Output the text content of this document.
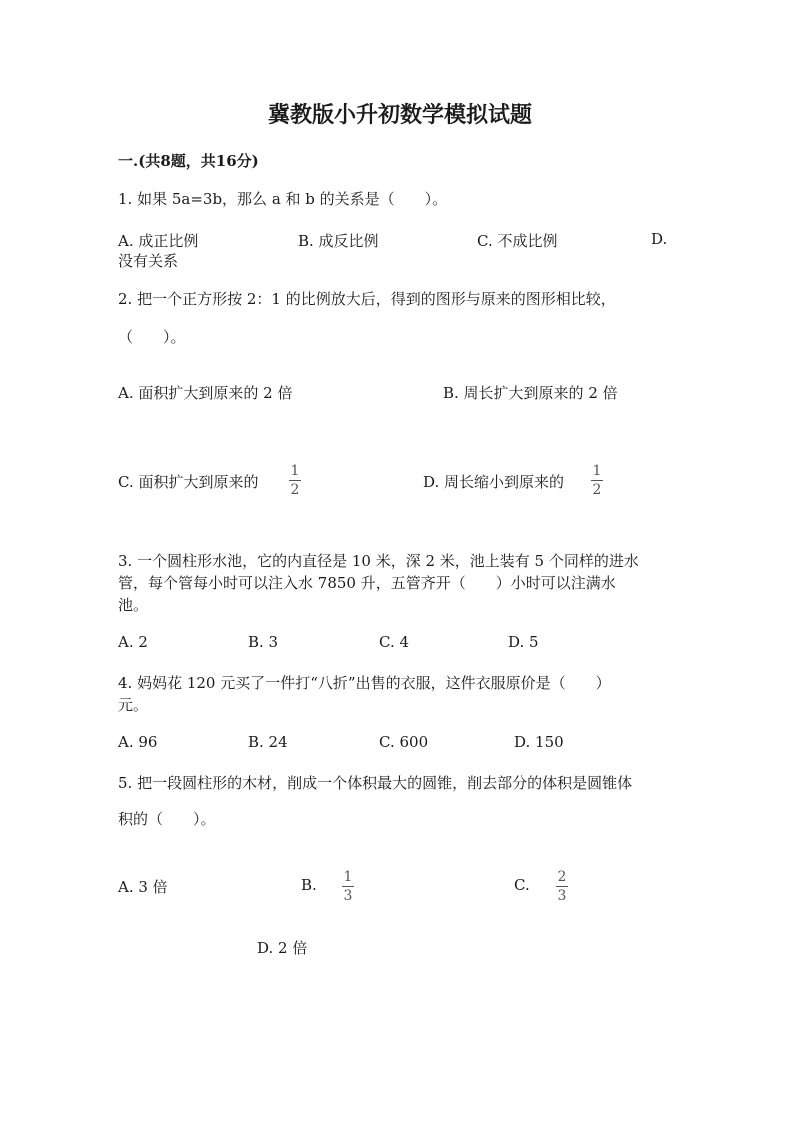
冀教版小升初数学模拟试题
一.(共8题，共16分)
1. 如果 5a=3b，那么 a 和 b 的关系是（　　）。
A. 成正比例	B. 成反比例	C. 不成比例	D.
没有关系
2. 把一个正方形按 2：1 的比例放大后，得到的图形与原来的图形相比较，
（　　）。
A. 面积扩大到原来的 2 倍	B. 周长扩大到原来的 2 倍
C. 面积扩大到原来的
1
2	D. 周长缩小到原来的
1
2
3. 一个圆柱形水池，它的内直径是 10 米，深 2 米，池上装有 5 个同样的进水
管，每个管每小时可以注入水 7850 升，五管齐开（　　）小时可以注满水
池。
A. 2	B. 3	C. 4	D. 5
4. 妈妈花 120 元买了一件打“八折”出售的衣服，这件衣服原价是（　　）
元。
A. 96	B. 24	C. 600	D. 150
5. 把一段圆柱形的木材，削成一个体积最大的圆锥，削去部分的体积是圆锥体
积的（　　）。
A. 3 倍	B. 1
3
C. 2
3
D. 2 倍
